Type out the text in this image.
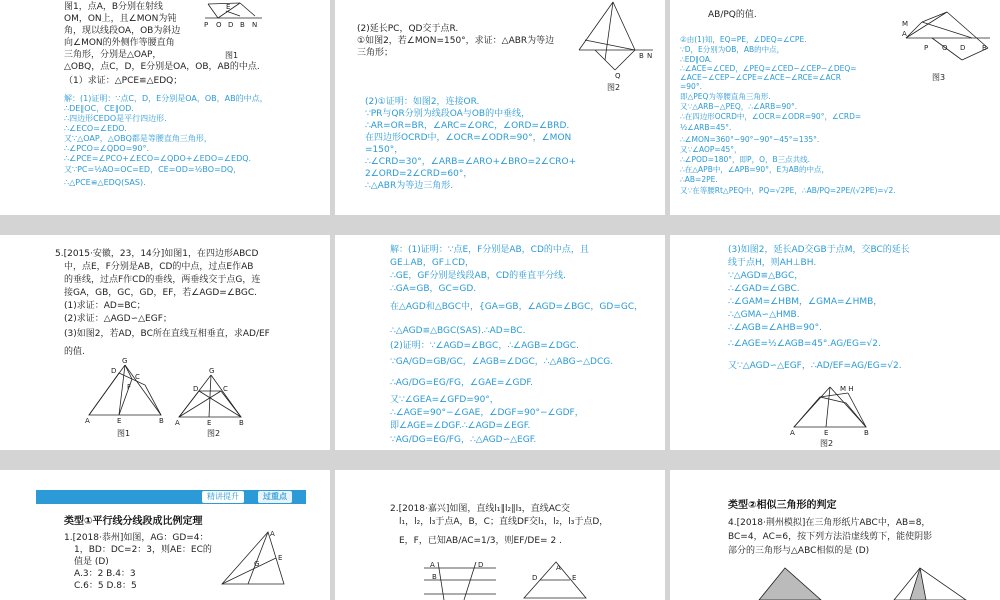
图1，点A，B分别在射线
OM，ON上，且∠MON为钝
角，现以线段OA，OB为斜边
向∠MON的外侧作等腰直角
三角形，分别是△OAP，
△OBQ，点C，D，E分别是OA，OB，AB的中点.
（1）求证：△PCE≌△EDQ；
E
P O D B N
图1
解：(1)证明：∵点C，D，E分别是OA，OB，AB的中点，
∴DE∥OC，CE∥OD.
∴四边形CEDO是平行四边形.
∴∠ECO=∠EDO.
又∵△OAP，△OBQ都是等腰直角三角形，
∴∠PCO=∠QDO=90°.
∴∠PCE=∠PCO+∠ECO=∠QDO+∠EDO=∠EDQ.
又∵PC=½AO=OC=ED，CE=OD=½BO=DQ，
∴△PCE≌△EDQ(SAS).
(2)延长PC，QD交于点R.
①如图2，若∠MON=150°，求证：△ABR为等边
三角形；
Q
B N
图2
(2)①证明：如图2，连接OR.
∵PR与QR分别为线段OA与OB的中垂线，
∴AR=OR=BR，∠ARC=∠ORC，∠ORD=∠BRD.
在四边形OCRD中，∠OCR=∠ODR=90°，∠MON
=150°，
∴∠CRD=30°，∠ARB=∠ARO+∠BRO=2∠CRO+
2∠ORD=2∠CRD=60°，
∴△ABR为等边三角形.
AB/PQ的值.
②由(1)知，EQ=PE，∠DEQ=∠CPE.
∵D，E分别为OB，AB的中点，
∴ED∥OA.
∴∠ACE=∠CED，∠PEQ=∠CED−∠CEP−∠DEQ=
∠ACE−∠CEP−∠CPE=∠ACE−∠RCE=∠ACR
=90°.
即△PEQ为等腰直角三角形.
又∵△ARB∽△PEQ，∴∠ARB=90°.
∴在四边形OCRD中，∠OCR=∠ODR=90°，∠CRD=
½∠ARB=45°.
∴∠MON=360°−90°−90°−45°=135°.
又∵∠AOP=45°，
∴∠POD=180°，即P，O，B三点共线.
∴在△APB中，∠APB=90°，E为AB的中点，
∴AB=2PE.
又∵在等腰Rt△PEQ中，PQ=√2PE，∴AB/PQ=2PE/(√2PE)=√2.
M
A
P O D B
图3
5.[2015·安徽，23，14分]如图1，在四边形ABCD
中，点E，F分别是AB，CD的中点，过点E作AB
的垂线，过点F作CD的垂线，两垂线交于点G，连
接GA，GB，GC，GD，EF，若∠AGD=∠BGC.
(1)求证：AD=BC；
(2)求证：△AGD∽△EGF；
(3)如图2，若AD，BC所在直线互相垂直，求AD/EF
的值.
G
A	E	B
C
D
F
图1
G
A	E	B
D	C
图2
解：(1)证明：∵点E，F分别是AB，CD的中点，且
GE⊥AB，GF⊥CD，
∴GE，GF分别是线段AB，CD的垂直平分线.
∴GA=GB，GC=GD.
在△AGD和△BGC中，{GA=GB，∠AGD=∠BGC，GD=GC，
∴△AGD≌△BGC(SAS).∴AD=BC.
(2)证明：∵∠AGD=∠BGC，∴∠AGB=∠DGC.
∵GA/GD=GB/GC，∠AGB=∠DGC，∴△ABG∽△DCG.
∴AG/DG=EG/FG，∠GAE=∠GDF.
又∵∠GEA=∠GFD=90°，
∴∠AGE=90°−∠GAE，∠DGF=90°−∠GDF，
即∠AGE=∠DGF.∴∠AGD=∠EGF.
∵AG/DG=EG/FG，∴△AGD∽△EGF.
(3)如图2，延长AD交GB于点M，交BC的延长
线于点H，则AH⊥BH.
∵△AGD≌△BGC，
∴∠GAD=∠GBC.
∴∠GAM=∠HBM，∠GMA=∠HMB，
∴△GMA∽△HMB.
∴∠AGB=∠AHB=90°.
∴∠AGE=½∠AGB=45°.AG/EG=√2.
又∵△AGD∽△EGF，∴AD/EF=AG/EG=√2.
M H
A	E	B
图2
精讲提升	过重点
类型①平行线分线段成比例定理
1.[2018·恭州]如图，AG：GD=4：
1，BD：DC=2：3，则AE：EC的
值是 (D)
A.3：2 B.4：3
C.6：5 D.8：5
A
E
G
2.[2018·嘉兴]如图，直线l₁∥l₂∥l₃，直线AC交
l₁，l₂，l₃于点A，B，C；直线DF交l₁，l₂，l₃于点D，
E，F，已知AB/AC=1/3，则EF/DE= 2 .
A
B
D	A
D	E
类型②相似三角形的判定
4.[2018·荆州模拟]在三角形纸片ABC中，AB=8，
BC=4，AC=6，按下列方法沿虚线剪下，能使阴影
部分的三角形与△ABC相似的是 (D)
